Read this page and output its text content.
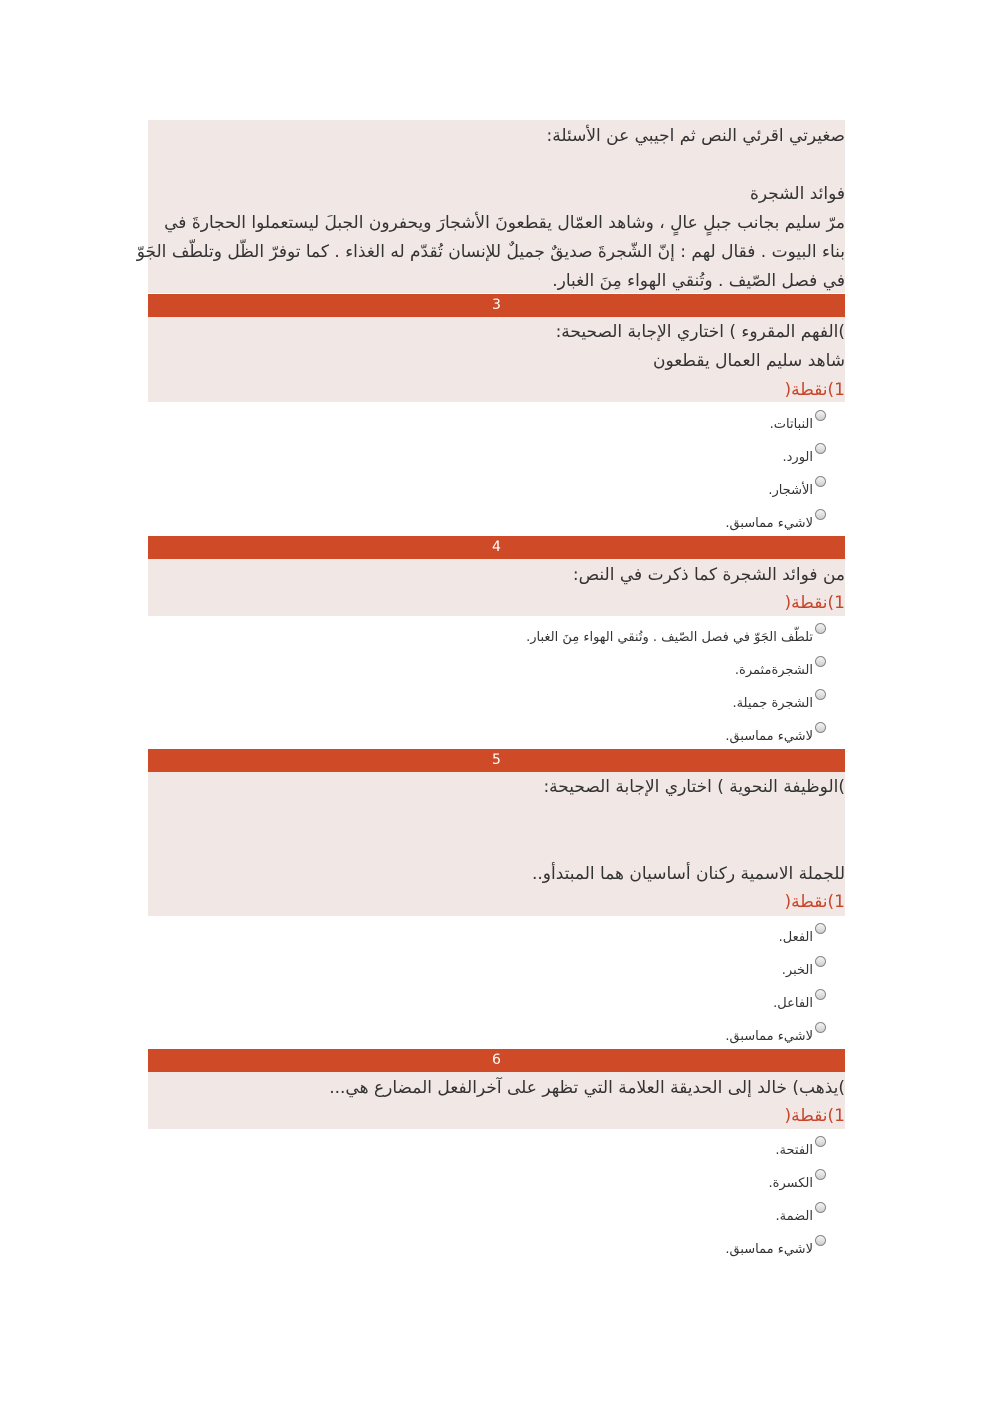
صغيرتي اقرئي النص ثم اجيبي عن الأسئلة:
فوائد الشجرة
مرّ سليم بجانب جبلٍ عالٍ ، وشاهد العمّال يقطعونَ الأشجارَ ويحفرون الجبلَ ليستعملوا الحجارةَ في
بناء البيوت . فقال لهم : إنّ الشّجرةَ صديقٌ جميلٌ للإنسان تُقدّم له الغذاء . كما توفرّ الظّل وتلطّف الجَوّ
في فصل الصّيف . وتُنقي الهواء مِنَ الغبار.
3
)الفهم المقروء ) اختاري الإجابة الصحيحة:
شاهد سليم العمال يقطعون
1)نقطة(
النباتات.
الورد.
الأشجار.
لاشيء مماسبق.
4
من فوائد الشجرة كما ذكرت في النص:
1)نقطة(
تلطّف الجَوّ في فصل الصّيف . وتُنقي الهواء مِنَ الغبار.
الشجرةمثمرة.
الشجرة جميلة.
لاشيء مماسبق.
5
)الوظيفة النحوية ) اختاري الإجابة الصحيحة:
للجملة الاسمية ركنان أساسيان هما المبتدأو..
1)نقطة(
الفعل.
الخبر.
الفاعل.
لاشيء مماسبق.
6
)يذهب) خالد إلى الحديقة العلامة التي تظهر على آخرالفعل المضارع هي...
1)نقطة(
الفتحة.
الكسرة.
الضمة.
لاشيء مماسبق.
